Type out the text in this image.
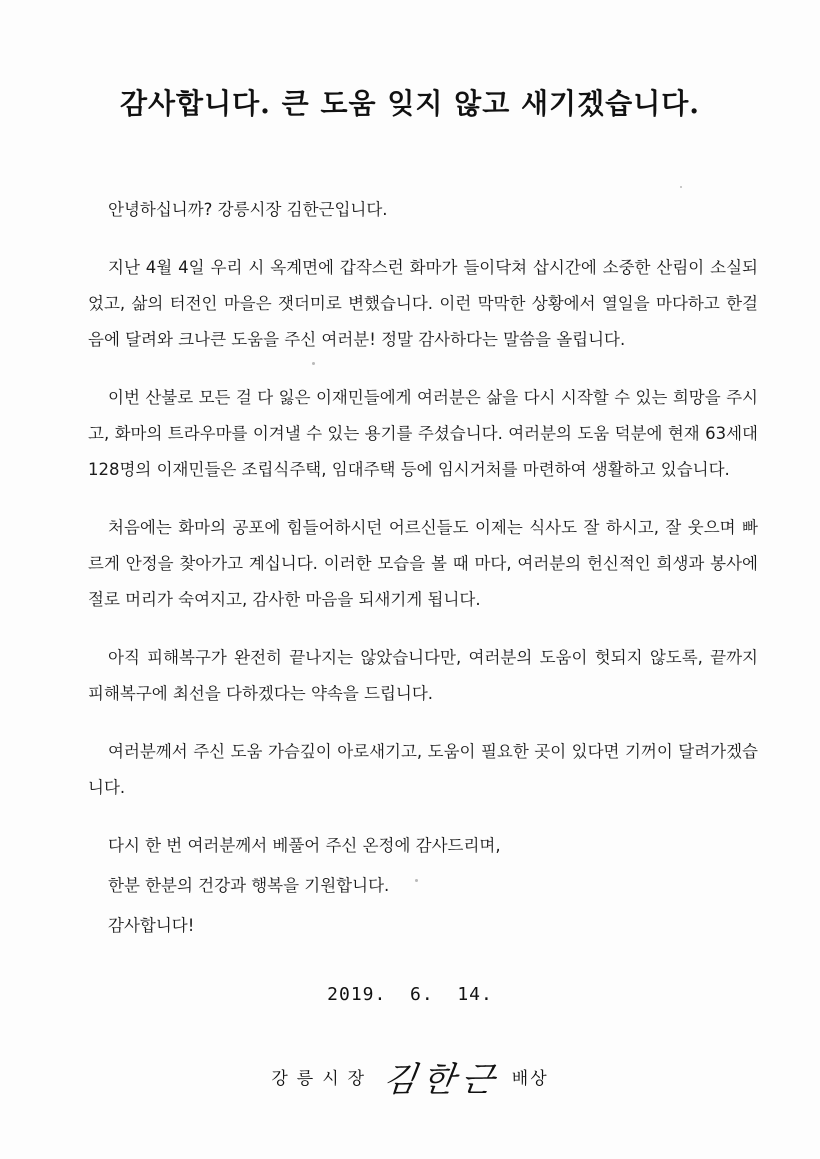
감사합니다. 큰 도움 잊지 않고 새기겠습니다.

안녕하십니까? 강릉시장 김한근입니다.

지난 4월 4일 우리 시 옥계면에 갑작스런 화마가 들이닥쳐 삽시간에 소중한 산림이 소실되었고, 삶의 터전인 마을은 잿더미로 변했습니다. 이런 막막한 상황에서 열일을 마다하고 한걸음에 달려와 크나큰 도움을 주신 여러분! 정말 감사하다는 말씀을 올립니다.

이번 산불로 모든 걸 다 잃은 이재민들에게 여러분은 삶을 다시 시작할 수 있는 희망을 주시고, 화마의 트라우마를 이겨낼 수 있는 용기를 주셨습니다. 여러분의 도움 덕분에 현재 63세대 128명의 이재민들은 조립식주택, 임대주택 등에 임시거처를 마련하여 생활하고 있습니다.

처음에는 화마의 공포에 힘들어하시던 어르신들도 이제는 식사도 잘 하시고, 잘 웃으며 빠르게 안정을 찾아가고 계십니다. 이러한 모습을 볼 때 마다, 여러분의 헌신적인 희생과 봉사에 절로 머리가 숙여지고, 감사한 마음을 되새기게 됩니다.

아직 피해복구가 완전히 끝나지는 않았습니다만, 여러분의 도움이 헛되지 않도록, 끝까지 피해복구에 최선을 다하겠다는 약속을 드립니다.

여러분께서 주신 도움 가슴깊이 아로새기고, 도움이 필요한 곳이 있다면 기꺼이 달려가겠습니다.

다시 한 번 여러분께서 베풀어 주신 온정에 감사드리며,

한분 한분의 건강과 행복을 기원합니다.

감사합니다!

2019.  6.  14.
강릉시장 김한근 배상
